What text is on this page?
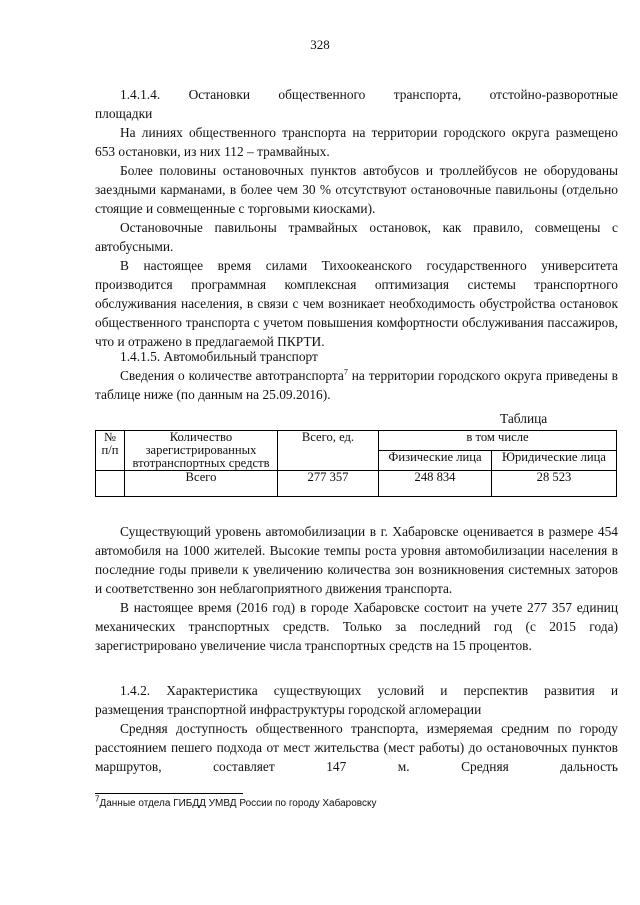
328

1.4.1.4. Остановки общественного транспорта, отстойно-разворотные

площадки

На линиях общественного транспорта на территории городского округа размещено 653 остановки, из них 112 – трамвайных.

Более половины остановочных пунктов автобусов и троллейбусов не оборудованы заездными карманами, в более чем 30 % отсутствуют остановочные павильоны (отдельно стоящие и совмещенные с торговыми киосками).

Остановочные павильоны трамвайных остановок, как правило, совмещены с автобусными.

В настоящее время силами Тихоокеанского государственного университета производится программная комплексная оптимизация системы транспортного обслуживания населения, в связи с чем возникает необходимость обустройства остановок общественного транспорта с учетом повышения комфортности обслуживания пассажиров, что и отражено в предлагаемой ПКРТИ.

1.4.1.5. Автомобильный транспорт

Сведения о количестве автотранспорта$^7$ на территории городского округа приведены в таблице ниже (по данным на 25.09.2016).

Таблица
№ п/п	Количество зарегистрированных втотранспортных средств	Всего, ед.	в том числе	
			Физические лица	Юридические лица
	Всего	277 357	248 834	28 523

Существующий уровень автомобилизации в г. Хабаровске оценивается в размере 454 автомобиля на 1000 жителей. Высокие темпы роста уровня автомобилизации населения в последние годы привели к увеличению количества зон возникновения системных заторов и соответственно зон неблагоприятного движения транспорта.

В настоящее время (2016 год) в городе Хабаровске состоит на учете 277 357 единиц механических транспортных средств. Только за последний год (с 2015 года) зарегистрировано увеличение числа транспортных средств на 15 процентов.

1.4.2. Характеристика существующих условий и перспектив развития и

размещения транспортной инфраструктуры городской агломерации

Средняя доступность общественного транспорта, измеряемая средним по городу расстоянием пешего подхода от мест жительства (мест работы) до остановочных пунктов маршрутов, составляет 147 м. Средняя дальность

$^7$Данные отдела ГИБДД УМВД России по городу Хабаровску
